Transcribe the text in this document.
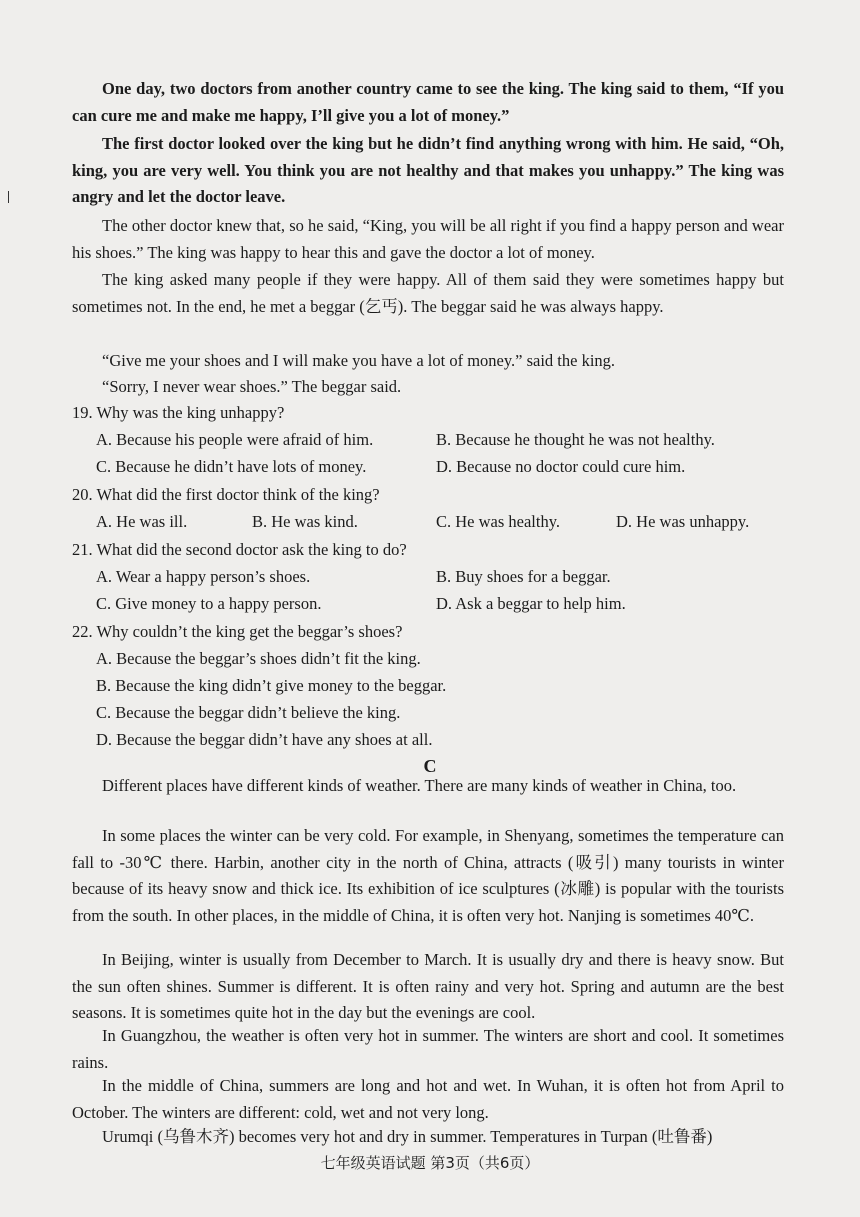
One day, two doctors from another country came to see the king. The king said to them, “If you can cure me and make me happy, I’ll give you a lot of money.”
The first doctor looked over the king but he didn’t find anything wrong with him. He said, “Oh, king, you are very well. You think you are not healthy and that makes you unhappy.” The king was angry and let the doctor leave.
The other doctor knew that, so he said, “King, you will be all right if you find a happy person and wear his shoes.” The king was happy to hear this and gave the doctor a lot of money.
The king asked many people if they were happy. All of them said they were sometimes happy but sometimes not. In the end, he met a beggar (乞丐). The beggar said he was always happy.
“Give me your shoes and I will make you have a lot of money.” said the king.
“Sorry, I never wear shoes.” The beggar said.
19. Why was the king unhappy?
A. Because his people were afraid of him.	B. Because he thought he was not healthy.
C. Because he didn’t have lots of money.	D. Because no doctor could cure him.
20. What did the first doctor think of the king?
A. He was ill.	B. He was kind.	C. He was healthy.	D. He was unhappy.
21. What did the second doctor ask the king to do?
A. Wear a happy person’s shoes.	B. Buy shoes for a beggar.
C. Give money to a happy person.	D. Ask a beggar to help him.
22. Why couldn’t the king get the beggar’s shoes?
A. Because the beggar’s shoes didn’t fit the king.
B. Because the king didn’t give money to the beggar.
C. Because the beggar didn’t believe the king.
D. Because the beggar didn’t have any shoes at all.
C
Different places have different kinds of weather. There are many kinds of weather in China, too.
In some places the winter can be very cold. For example, in Shenyang, sometimes the temperature can fall to -30℃ there. Harbin, another city in the north of China, attracts (吸引) many tourists in winter because of its heavy snow and thick ice. Its exhibition of ice sculptures (冰雕) is popular with the tourists from the south. In other places, in the middle of China, it is often very hot. Nanjing is sometimes 40℃.
In Beijing, winter is usually from December to March. It is usually dry and there is heavy snow. But the sun often shines. Summer is different. It is often rainy and very hot. Spring and autumn are the best seasons. It is sometimes quite hot in the day but the evenings are cool.
In Guangzhou, the weather is often very hot in summer. The winters are short and cool. It sometimes rains.
In the middle of China, summers are long and hot and wet. In Wuhan, it is often hot from April to October. The winters are different: cold, wet and not very long.
Urumqi (乌鲁木齐) becomes very hot and dry in summer. Temperatures in Turpan (吐鲁番)
七年级英语试题 第3页（共6页）
